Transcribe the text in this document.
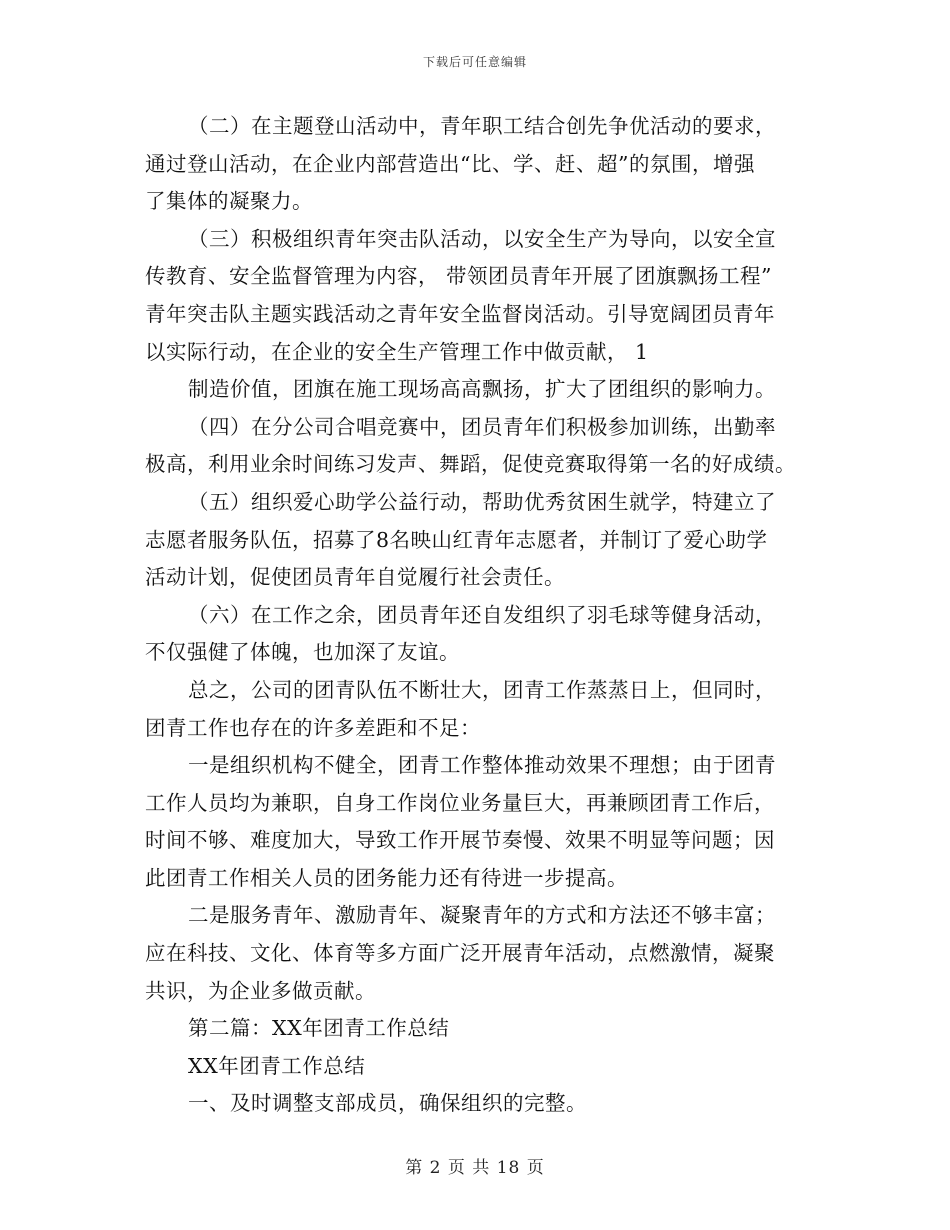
下载后可任意编辑
（二）在主题登山活动中，青年职工结合创先争优活动的要求，
通过登山活动，在企业内部营造出“比、学、赶、超”的氛围，增强
了集体的凝聚力。
（三）积极组织青年突击队活动，以安全生产为导向，以安全宣
传教育、安全监督管理为内容， 带领团员青年开展了团旗飘扬工程”
青年突击队主题实践活动之青年安全监督岗活动。引导宽阔团员青年
以实际行动，在企业的安全生产管理工作中做贡献， 1
制造价值，团旗在施工现场高高飘扬，扩大了团组织的影响力。
（四）在分公司合唱竞赛中，团员青年们积极参加训练，出勤率
极高，利用业余时间练习发声、舞蹈，促使竞赛取得第一名的好成绩。
（五）组织爱心助学公益行动，帮助优秀贫困生就学，特建立了
志愿者服务队伍，招募了8名映山红青年志愿者，并制订了爱心助学
活动计划，促使团员青年自觉履行社会责任。
（六）在工作之余，团员青年还自发组织了羽毛球等健身活动，
不仅强健了体魄，也加深了友谊。
总之，公司的团青队伍不断壮大，团青工作蒸蒸日上，但同时，
团青工作也存在的许多差距和不足：
一是组织机构不健全，团青工作整体推动效果不理想；由于团青
工作人员均为兼职，自身工作岗位业务量巨大，再兼顾团青工作后，
时间不够、难度加大，导致工作开展节奏慢、效果不明显等问题；因
此团青工作相关人员的团务能力还有待进一步提高。
二是服务青年、激励青年、凝聚青年的方式和方法还不够丰富；
应在科技、文化、体育等多方面广泛开展青年活动，点燃激情，凝聚
共识，为企业多做贡献。
第二篇：XX年团青工作总结
XX年团青工作总结
一、及时调整支部成员，确保组织的完整。
第 2 页 共 18 页
